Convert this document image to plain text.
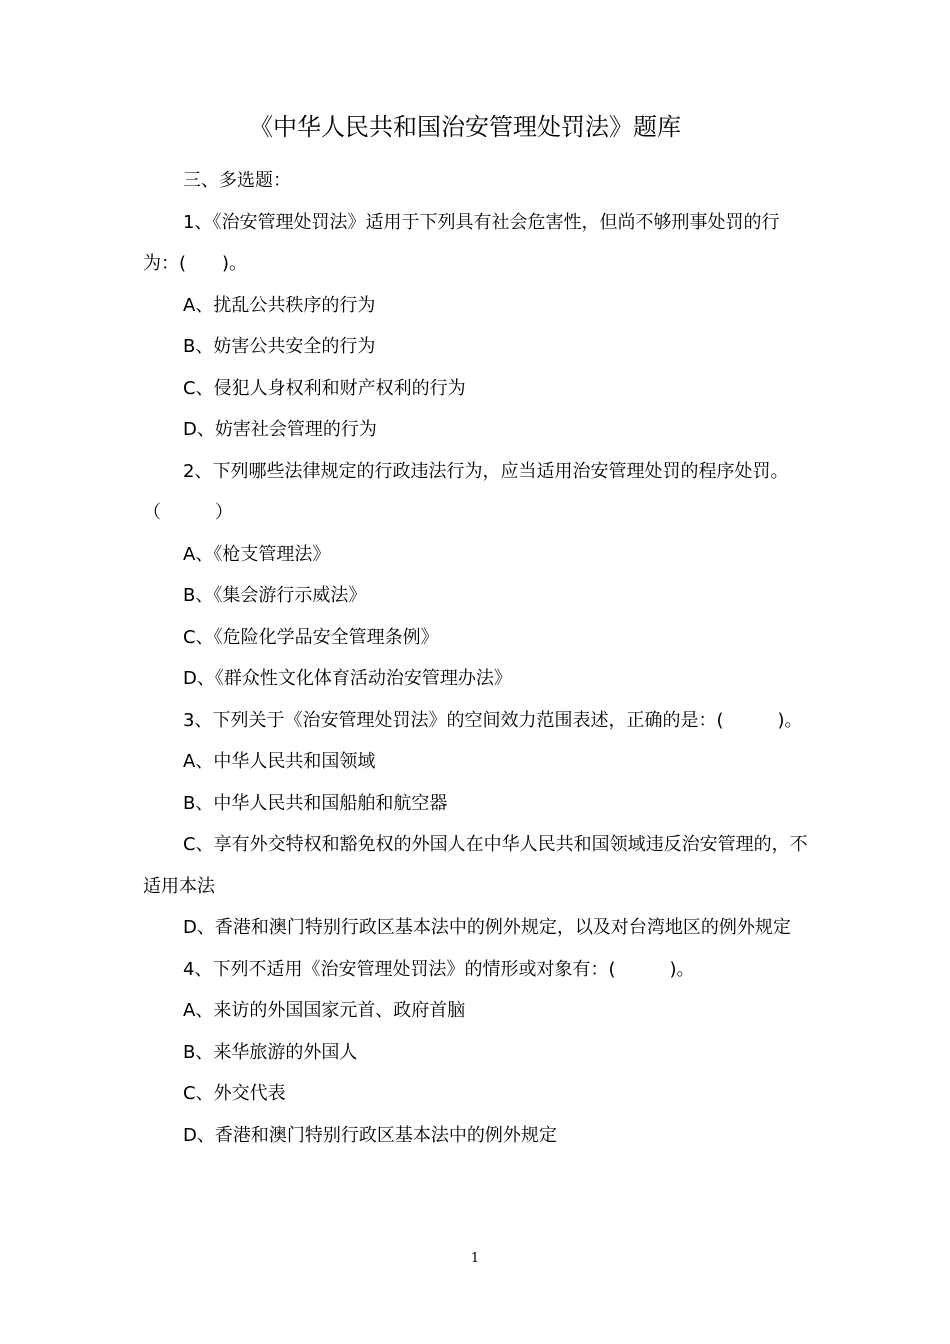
《中华人民共和国治安管理处罚法》题库

三、多选题：

1、《治安管理处罚法》适用于下列具有社会危害性，但尚不够刑事处罚的行为：(　　)。

A、扰乱公共秩序的行为

B、妨害公共安全的行为

C、侵犯人身权利和财产权利的行为

D、妨害社会管理的行为

2、下列哪些法律规定的行政违法行为，应当适用治安管理处罚的程序处罚。（　　　）

A、《枪支管理法》

B、《集会游行示威法》

C、《危险化学品安全管理条例》

D、《群众性文化体育活动治安管理办法》

3、下列关于《治安管理处罚法》的空间效力范围表述，正确的是：(　　　)。

A、中华人民共和国领域

B、中华人民共和国船舶和航空器

C、享有外交特权和豁免权的外国人在中华人民共和国领域违反治安管理的，不适用本法

D、香港和澳门特别行政区基本法中的例外规定，以及对台湾地区的例外规定

4、下列不适用《治安管理处罚法》的情形或对象有：(　　　)。

A、来访的外国国家元首、政府首脑

B、来华旅游的外国人

C、外交代表

D、香港和澳门特别行政区基本法中的例外规定

1
